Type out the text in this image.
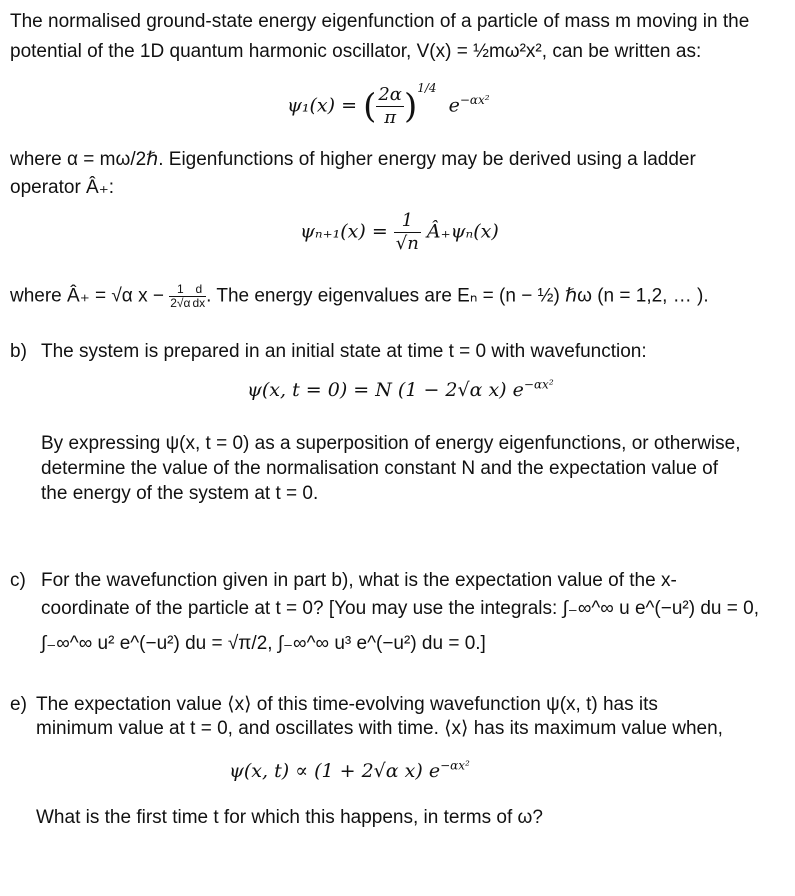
The normalised ground-state energy eigenfunction of a particle of mass m moving in the
potential of the 1D quantum harmonic oscillator, V(x) = ½mω²x², can be written as:
ψ₁(x) = ( $\frac{2\alpha}{\pi} )^{1/4}$  $e^{-\alpha x^2}$
where α = mω/2ℏ. Eigenfunctions of higher energy may be derived using a ladder
operator Â₊:
$\psi_{n+1}(x) = \frac{1}{√n}$ Â₊ψₙ(x)
where Â₊ = √α $x - \frac{1}{2√\alpha} \frac{d}{dx}$ . The energy eigenvalues are Eₙ = (n − ½) ℏω (n = 1,2, … ).
b) The system is prepared in an initial state at time t = 0 with wavefunction:
ψ(x, t = 0) = N (1 − 2√α x) $e^{-\alpha x^2}$
By expressing ψ(x, t = 0) as a superposition of energy eigenfunctions, or otherwise,
determine the value of the normalisation constant N and the expectation value of
the energy of the system at t = 0.
c) For the wavefunction given in part b), what is the expectation value of the x-
coordinate of the particle at t = 0? [You may use the integrals: ∫₋∞^∞ u e^(−u²) du = 0,
∫₋∞^∞ u² e^(−u²) du = √π/2, ∫₋∞^∞ u³ e^(−u²) du = 0.]
e) The expectation value ⟨x⟩ of this time-evolving wavefunction ψ(x, t) has its
minimum value at t = 0, and oscillates with time. ⟨x⟩ has its maximum value when,
ψ(x, t) ∝ (1 + 2√α x) $e^{-\alpha x^2}$
What is the first time t for which this happens, in terms of ω?
